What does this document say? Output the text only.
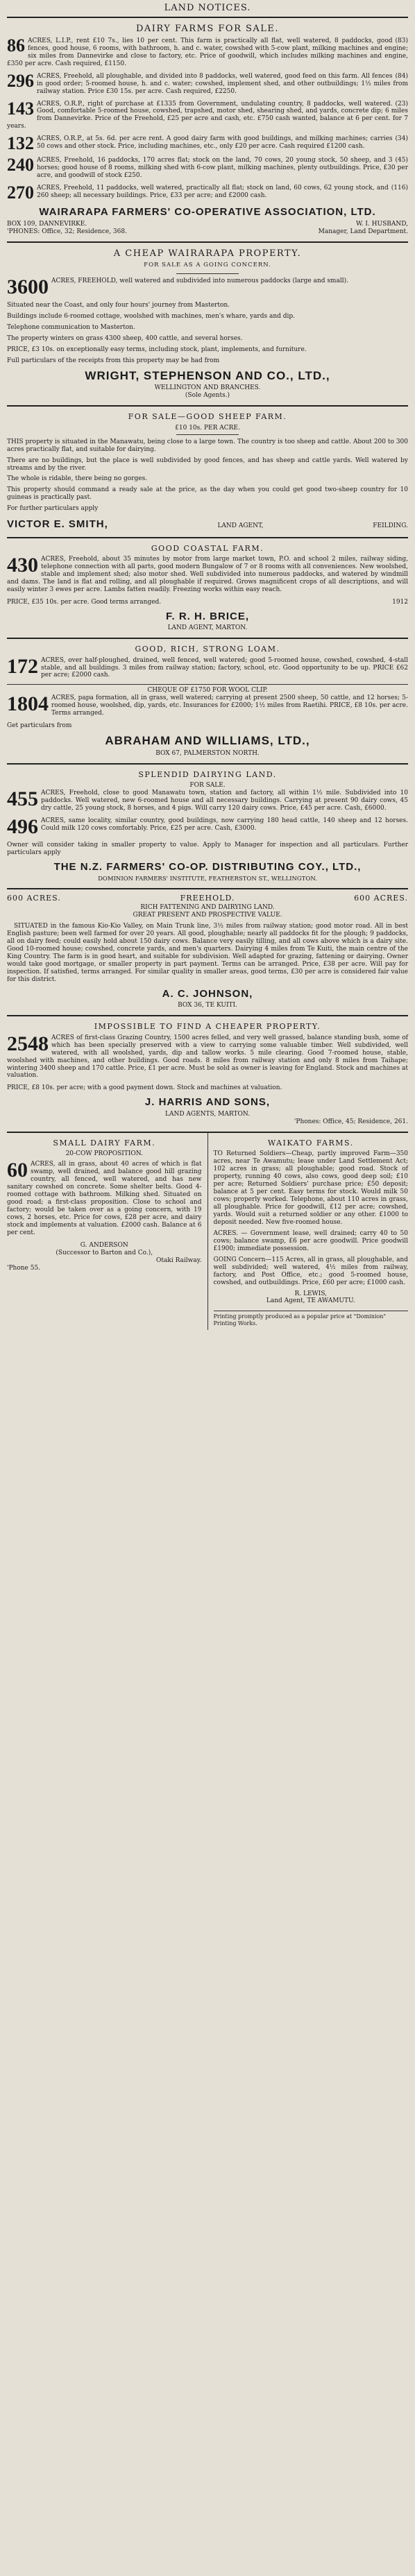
LAND NOTICES.
DAIRY FARMS FOR SALE.
86	(83)
ACRES, L.I.P., rent £10 7s., lies 10 per cent. This farm is practically all flat, well watered, 8 paddocks, good fences, good house, 6 rooms, with bathroom, h. and c. water, cowshed with 5-cow plant, milking machines and engine; six miles from Dannevirke and close to factory, etc. Price of goodwill, which includes milking machines and engine, £350 per acre. Cash required, £1150.
296	(84)
ACRES, Freehold, all ploughable, and divided into 8 paddocks, well watered, good feed on this farm. All fences in good order; 5-roomed house, h. and c. water; cowshed, implement shed, and other outbuildings; 1½ miles from railway station. Price £30 15s. per acre. Cash required, £2250.
143	(23)
ACRES, O.R.P., right of purchase at £1335 from Government, undulating country, 8 paddocks, well watered. Good, comfortable 5-roomed house, cowshed, trapshed, motor shed, shearing shed, and yards, concrete dip; 6 miles from Dannevirke. Price of the Freehold, £25 per acre and cash, etc. £750 cash wanted, balance at 6 per cent. for 7 years.
132	(34)
ACRES, O.R.P., at 5s. 6d. per acre rent. A good dairy farm with good buildings, and milking machines; carries 50 cows and other stock. Price, including machines, etc., only £20 per acre. Cash required £1200 cash.
240	(45)
ACRES, Freehold, 16 paddocks, 170 acres flat; stock on the land, 70 cows, 20 young stock, 50 sheep, and 3 horses; good house of 8 rooms, milking shed with 6-cow plant, milking machines, plenty outbuildings. Price, £30 per acre, and goodwill of stock £250.
270	(116)
ACRES, Freehold, 11 paddocks, well watered, practically all flat; stock on land, 60 cows, 62 young stock, and 260 sheep; all necessary buildings. Price, £33 per acre; and £2000 cash.
WAIRARAPA FARMERS' CO-OPERATIVE ASSOCIATION, LTD.
BOX 109, DANNEVIRKE.
'PHONES: Office, 32; Residence, 368.
W. I. HUSBAND,
Manager, Land Department.
A CHEAP WAIRARAPA PROPERTY.
FOR SALE AS A GOING CONCERN.
3600 ACRES, FREEHOLD, well watered and subdivided into numerous paddocks (large and small).

Situated near the Coast, and only four hours' journey from Masterton.

Buildings include 6-roomed cottage, woolshed with machines, men's whare, yards and dip.

Telephone communication to Masterton.

The property winters on grass 4300 sheep, 400 cattle, and several horses.

PRICE, £3 10s. on exceptionally easy terms, including stock, plant, implements, and furniture.

Full particulars of the receipts from this property may be had from

WRIGHT, STEPHENSON AND CO., LTD.,
WELLINGTON AND BRANCHES.
(Sole Agents.)
FOR SALE—GOOD SHEEP FARM.
£10 10s. PER ACRE.

THIS property is situated in the Manawatu, being close to a large town. The country is too sheep and cattle. About 200 to 300 acres practically flat, and suitable for dairying.

There are no buildings, but the place is well subdivided by good fences, and has sheep and cattle yards. Well watered by streams and by the river.

The whole is ridable, there being no gorges.

This property should command a ready sale at the price, as the day when you could get good two-sheep country for 10 guineas is practically past.

For further particulars apply

VICTOR E. SMITH,	LAND AGENT,	FEILDING.
GOOD COASTAL FARM.
430 ACRES, Freehold, about 35 minutes by motor from large market town, P.O. and school 2 miles, railway siding, telephone connection with all parts, good modern Bungalow of 7 or 8 rooms with all conveniences. New woolshed, stable and implement shed; also motor shed. Well subdivided into numerous paddocks, and watered by windmill and dams. The land is flat and rolling, and all ploughable if required. Grows magnificent crops of all descriptions, and will easily winter 3 ewes per acre. Lambs fatten readily. Freezing works within easy reach.
PRICE, £35 10s. per acre. Good terms arranged.	1912
F. R. H. BRICE,
LAND AGENT, MARTON.
GOOD, RICH, STRONG LOAM.
172 ACRES, over half-ploughed, drained, well fenced, well watered; good 5-roomed house, cowshed, cowshed, 4-stall stable, and all buildings. 3 miles from railway station; factory, school, etc. Good opportunity to be up. PRICE £62 per acre; £2000 cash.
CHEQUE OF £1750 FOR WOOL CLIP.
1804 ACRES, papa formation, all in grass, well watered; carrying at present 2500 sheep, 50 cattle, and 12 horses; 5-roomed house, woolshed, dip, yards, etc. Insurances for £2000; 1½ miles from Raetihi. PRICE, £8 10s. per acre. Terms arranged.

Get particulars from

ABRAHAM AND WILLIAMS, LTD.,
BOX 67, PALMERSTON NORTH.
SPLENDID DAIRYING LAND.
FOR SALE.
455 ACRES, Freehold, close to good Manawatu town, station and factory, all within 1½ mile. Subdivided into 10 paddocks. Well watered, new 6-roomed house and all necessary buildings. Carrying at present 90 dairy cows, 45 dry cattle, 25 young stock, 8 horses, and 4 pigs. Will carry 120 dairy cows. Price, £45 per acre. Cash, £6000.
496 ACRES, same locality, similar country, good buildings, now carrying 180 head cattle, 140 sheep and 12 horses. Could milk 120 cows comfortably. Price, £25 per acre. Cash, £3000.

Owner will consider taking in smaller property to value. Apply to Manager for inspection and all particulars. Further particulars apply

THE N.Z. FARMERS' CO-OP. DISTRIBUTING COY., LTD.,
DOMINION FARMERS' INSTITUTE, FEATHERSTON ST., WELLINGTON.
600 ACRES.	FREEHOLD.	600 ACRES.
RICH FATTENING AND DAIRYING LAND.
GREAT PRESENT AND PROSPECTIVE VALUE.

SITUATED in the famous Kio-Kio Valley, on Main Trunk line, 3½ miles from railway station; good motor road. All in best English pasture; been well farmed for over 20 years. All good, ploughable; nearly all paddocks fit for the plough; 9 paddocks, all on dairy feed; could easily hold about 150 dairy cows. Balance very easily tilling, and all cows above which is a dairy site. Good 10-roomed house; cowshed, concrete yards, and men's quarters. Dairying 4 miles from Te Kuiti, the main centre of the King Country. The farm is in good heart, and suitable for subdivision. Well adapted for grazing, fattening or dairying. Owner would take good mortgage, or smaller property in part payment. Terms can be arranged. Price, £38 per acre. Will pay for inspection. If satisfied, terms arranged. For similar quality in smaller areas, good terms, £30 per acre is considered fair value for this district.

A. C. JOHNSON,
BOX 36, TE KUITI.
IMPOSSIBLE TO FIND A CHEAPER PROPERTY.
2548 ACRES of first-class Grazing Country, 1500 acres felled, and very well grassed, balance standing bush, some of which has been specially preserved with a view to carrying some valuable timber. Well subdivided, well watered, with all woolshed, yards, dip and tallow works. 5 mile clearing. Good 7-roomed house, stable, woolshed with machines, and other buildings. Good roads. 8 miles from railway station and only 8 miles from Taihape; wintering 3400 sheep and 170 cattle. Price, £1 per acre. Must be sold as owner is leaving for England. Stock and machines at valuation.

PRICE, £8 10s. per acre; with a good payment down. Stock and machines at valuation.

J. HARRIS AND SONS,
LAND AGENTS, MARTON.
'Phones: Office, 45; Residence, 261.
SMALL DAIRY FARM.
20-COW PROPOSITION.
60 ACRES, all in grass, about 40 acres of which is flat swamp, well drained, and balance good hill grazing country, all fenced, well watered, and has new sanitary cowshed on concrete. Some shelter belts. Good 4-roomed cottage with bathroom. Milking shed. Situated on good road; a first-class proposition. Close to school and factory; would be taken over as a going concern, with 19 cows, 2 horses, etc. Price for cows, £28 per acre, and dairy stock and implements at valuation. £2000 cash. Balance at 6 per cent.
G. ANDERSON
(Successor to Barton and Co.),
Otaki Railway.
'Phone 55.
WAIKATO FARMS.

TO Returned Soldiers—Cheap, partly improved Farm—350 acres, near Te Awamutu; lease under Land Settlement Act; 102 acres in grass; all ploughable; good road. Stock of property, running 40 cows, also cows, good deep soil; £10 per acre; Returned Soldiers' purchase price; £50 deposit; balance at 5 per cent. Easy terms for stock. Would milk 50 cows; properly worked. Telephone, about 110 acres in grass, all ploughable. Price for goodwill, £12 per acre; cowshed, yards. Would suit a returned soldier or any other. £1000 to deposit needed. New five-roomed house.

ACRES. — Government lease, well drained; carry 40 to 50 cows; balance swamp, £6 per acre goodwill. Price goodwill £1900; immediate possession.

GOING Concern—115 Acres, all in grass, all ploughable, and well subdivided; well watered, 4½ miles from railway, factory, and Post Office, etc.; good 5-roomed house, cowshed, and outbuildings. Price, £60 per acre; £1000 cash.

R. LEWIS,
Land Agent, TE AWAMUTU.
Printing promptly produced as a popular price at "Dominion" Printing Works.
